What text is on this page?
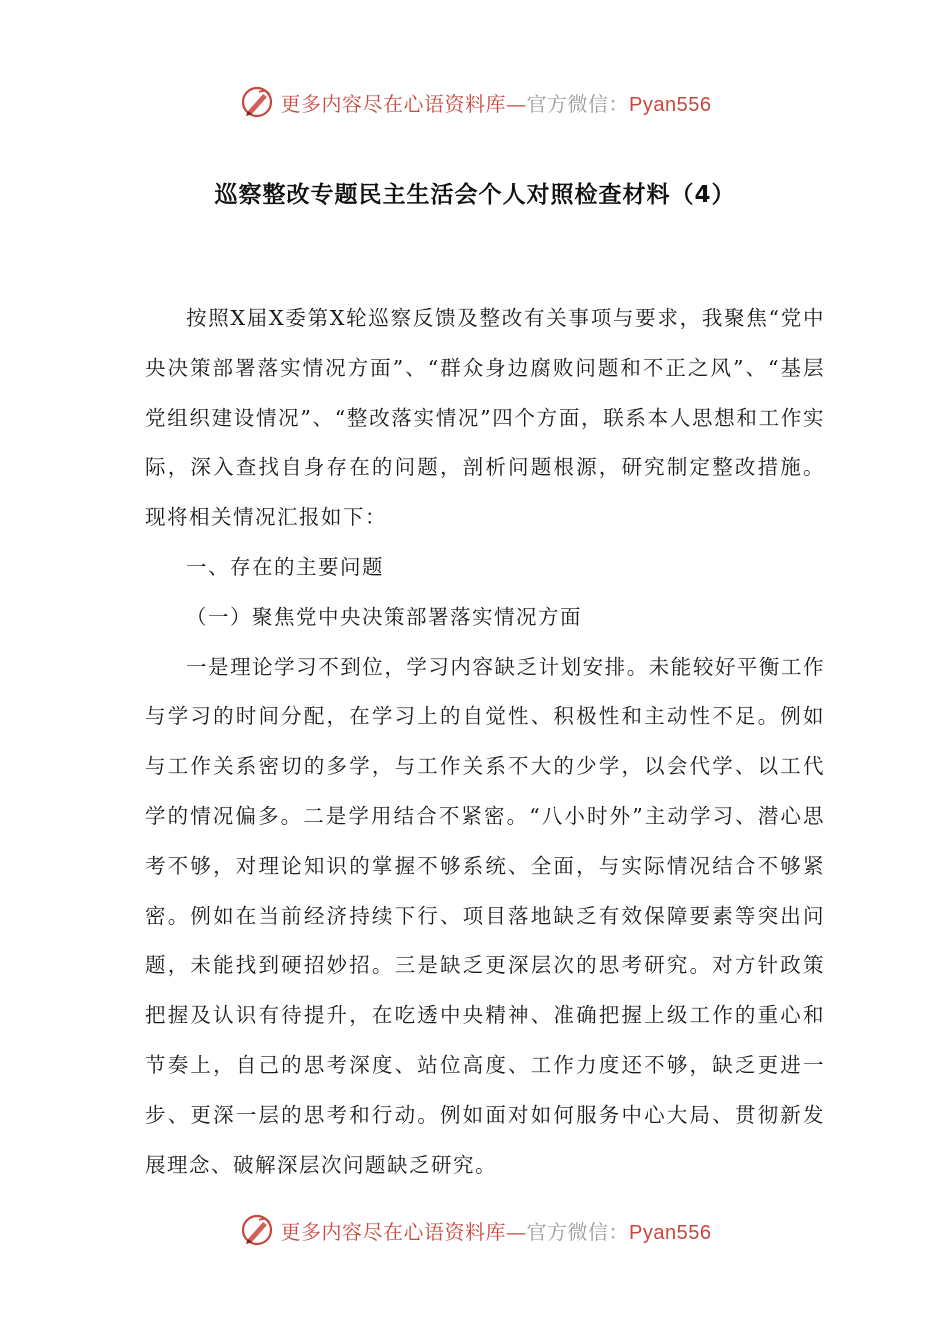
更多内容尽在心语资料库—官方微信：Pyan556
巡察整改专题民主生活会个人对照检查材料（4）

按照X届X委第X轮巡察反馈及整改有关事项与要求，我聚焦“党中央决策部署落实情况方面”、“群众身边腐败问题和不正之风”、“基层党组织建设情况”、“整改落实情况”四个方面，联系本人思想和工作实际，深入查找自身存在的问题，剖析问题根源，研究制定整改措施。现将相关情况汇报如下：

一、存在的主要问题

（一）聚焦党中央决策部署落实情况方面

一是理论学习不到位，学习内容缺乏计划安排。未能较好平衡工作与学习的时间分配，在学习上的自觉性、积极性和主动性不足。例如与工作关系密切的多学，与工作关系不大的少学，以会代学、以工代学的情况偏多。二是学用结合不紧密。“八小时外”主动学习、潜心思考不够，对理论知识的掌握不够系统、全面，与实际情况结合不够紧密。例如在当前经济持续下行、项目落地缺乏有效保障要素等突出问题，未能找到硬招妙招。三是缺乏更深层次的思考研究。对方针政策把握及认识有待提升，在吃透中央精神、准确把握上级工作的重心和节奏上，自己的思考深度、站位高度、工作力度还不够，缺乏更进一步、更深一层的思考和行动。例如面对如何服务中心大局、贯彻新发展理念、破解深层次问题缺乏研究。

更多内容尽在心语资料库—官方微信：Pyan556
